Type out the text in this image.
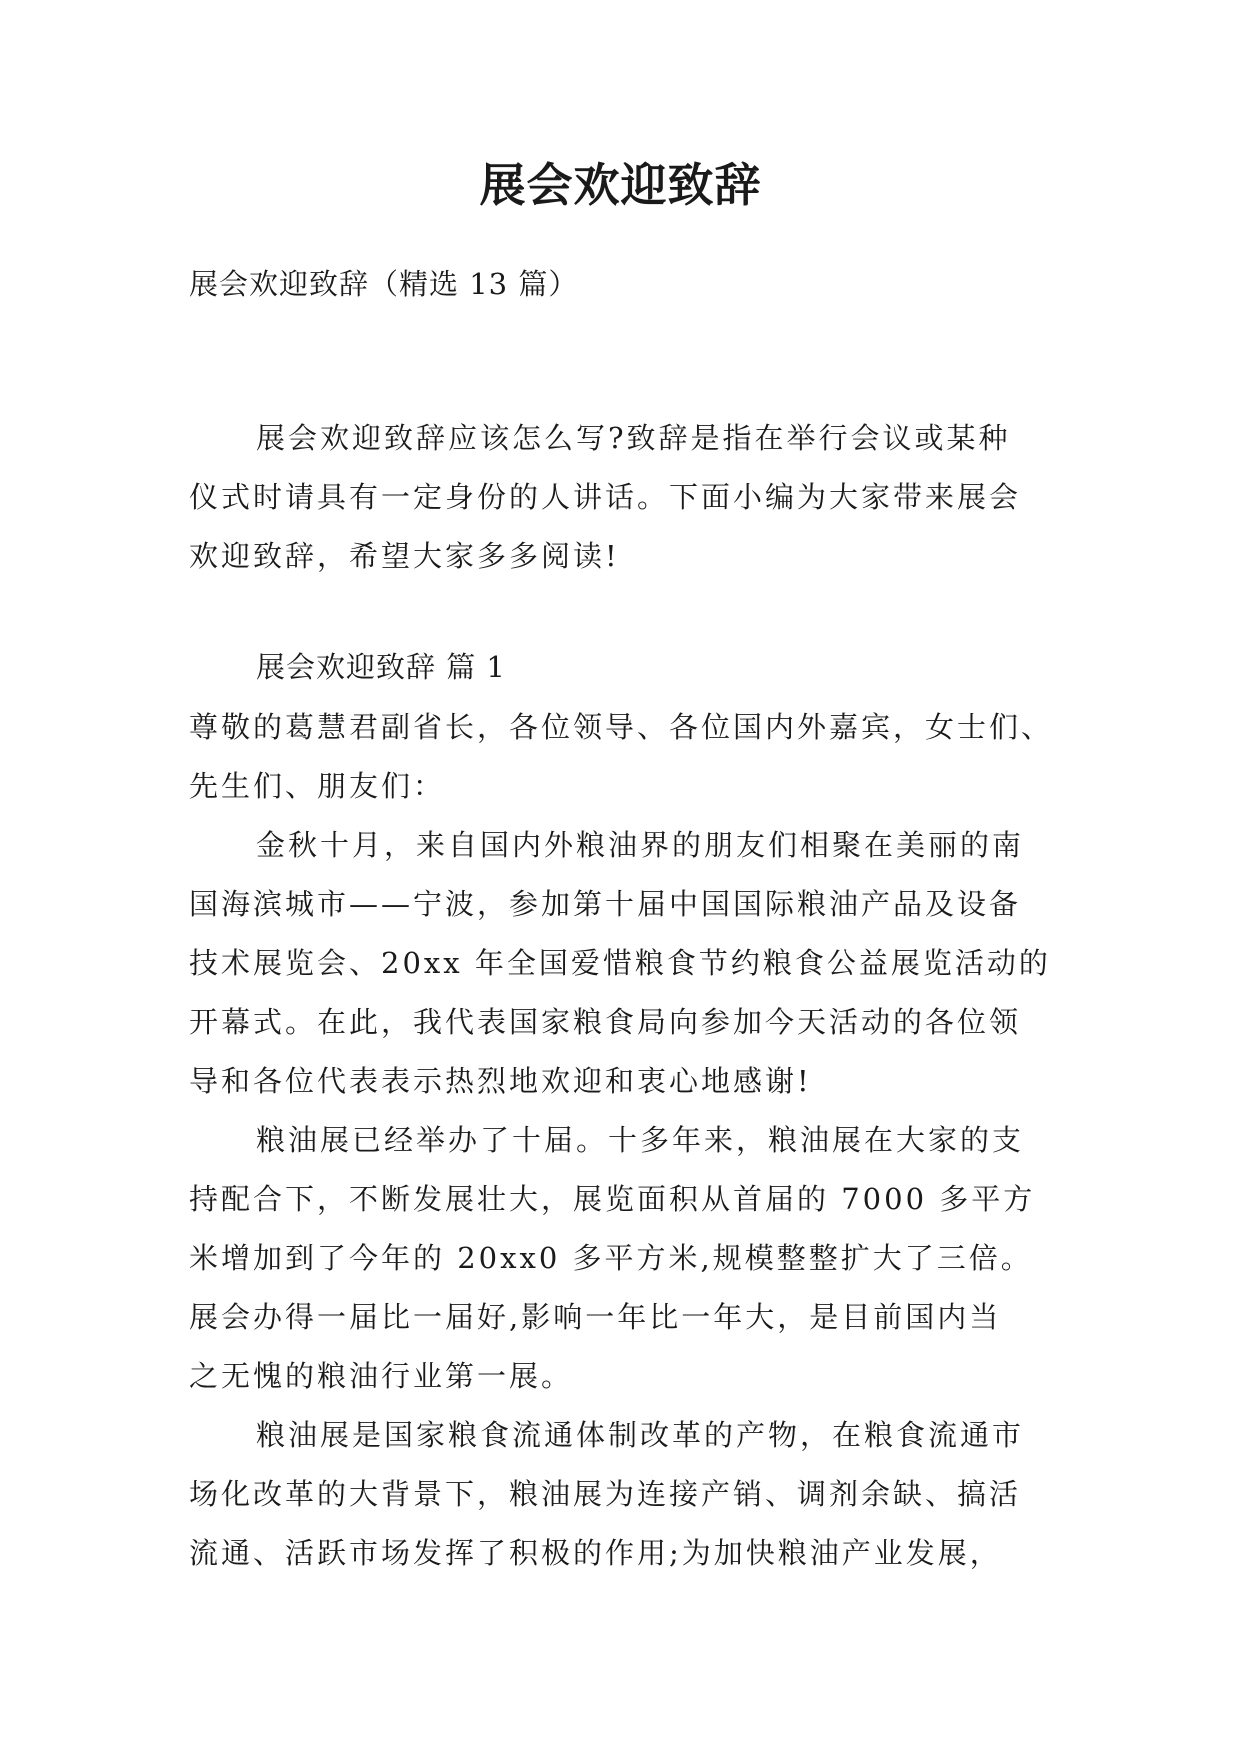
展会欢迎致辞

展会欢迎致辞（精选 13 篇）

展会欢迎致辞应该怎么写?致辞是指在举行会议或某种
仪式时请具有一定身份的人讲话。下面小编为大家带来展会
欢迎致辞，希望大家多多阅读!
展会欢迎致辞 篇 1
尊敬的葛慧君副省长，各位领导、各位国内外嘉宾，女士们、
先生们、朋友们：
金秋十月，来自国内外粮油界的朋友们相聚在美丽的南
国海滨城市——宁波，参加第十届中国国际粮油产品及设备
技术展览会、20xx 年全国爱惜粮食节约粮食公益展览活动的
开幕式。在此，我代表国家粮食局向参加今天活动的各位领
导和各位代表表示热烈地欢迎和衷心地感谢!
粮油展已经举办了十届。十多年来，粮油展在大家的支
持配合下，不断发展壮大，展览面积从首届的 7000 多平方
米增加到了今年的 20xx0 多平方米,规模整整扩大了三倍。
展会办得一届比一届好,影响一年比一年大，是目前国内当
之无愧的粮油行业第一展。
粮油展是国家粮食流通体制改革的产物，在粮食流通市
场化改革的大背景下，粮油展为连接产销、调剂余缺、搞活
流通、活跃市场发挥了积极的作用;为加快粮油产业发展，
